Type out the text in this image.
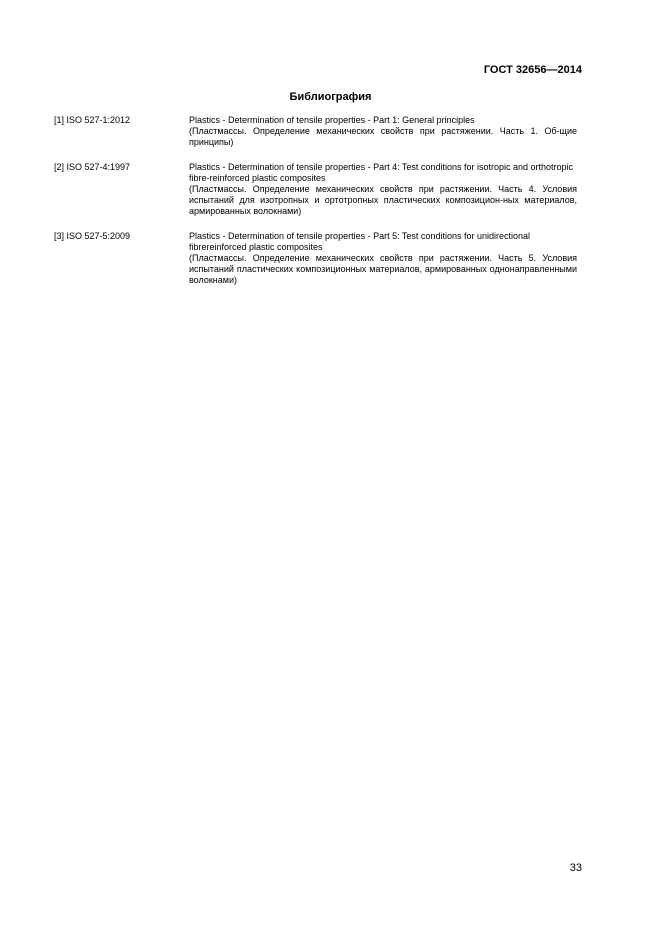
ГОСТ 32656—2014
Библиография
[1] ISO 527-1:2012	Plastics - Determination of tensile properties - Part 1: General principles
(Пластмассы. Определение механических свойств при растяжении. Часть 1. Об-щие принципы)
[2] ISO 527-4:1997	Plastics - Determination of tensile properties - Part 4: Test conditions for isotropic and orthotropic fibre-reinforced plastic composites
(Пластмассы. Определение механических свойств при растяжении. Часть 4. Условия испытаний для изотропных и ортотропных пластических композицион-ных материалов, армированных волокнами)
[3] ISO 527-5:2009	Plastics - Determination of tensile properties - Part 5: Test conditions for unidirectional fibrereinforced plastic composites
(Пластмассы. Определение механических свойств при растяжении. Часть 5. Условия испытаний пластических композиционных материалов, армированных однонаправленными волокнами)
33
